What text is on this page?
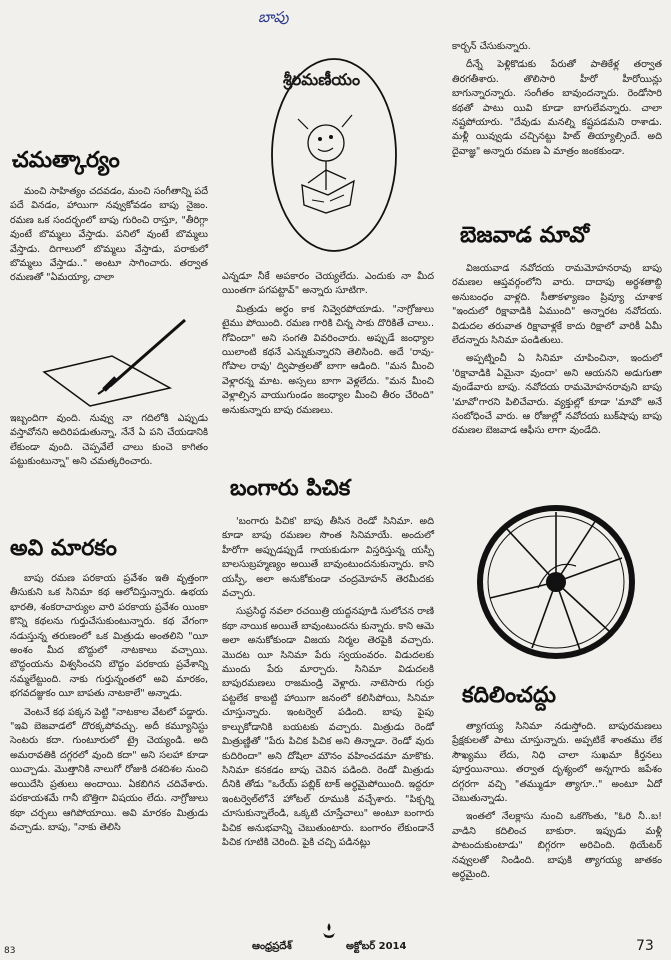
బాపు
శ్రీరమణీయం
చమత్కార్యం

మంచి సాహిత్యం చదవడం, మంచి సంగీతాన్ని పదే పదే వినడం, హాయిగా నవ్వుకోవడం బాపు నైజం. రమణ ఒక సందర్భంలో బాపు గురించి రాస్తూ, "తీరిగ్గా వుంటే బొమ్మలు వేస్తాడు. పనిలో వుంటే బొమ్మలు వేస్తాడు. దిగాలులో బొమ్మలు వేస్తాడు, పరాకులో బొమ్మలు వేస్తాడు.." అంటూ సాగించారు. తర్వాత రమణతో "ఏమయ్యా, చాలా

ఇబ్బందిగా వుంది. నువ్వు నా గదిలోకి ఎప్పుడు వస్తావోనని అదిరిపడుతున్నా, నేనే ఏ పని చేయడానికి లేకుండా వుంది. చెప్పవేలే చాలు కుంచె కాగితం పట్టుకుంటున్నా" అని చమత్కరించారు.

అవి మారకం

బాపు రమణ పరకాయ ప్రవేశం ఇతి వృత్తంగా తీసుకుని ఒక సినిమా కథ ఆలోచిస్తున్నారు. ఉభయ భారతి, శంకరాచార్యుల వారి పరకాయ ప్రవేశం యింకా కొన్ని కథలను గుర్తుచేసుకుంటున్నారు. కథ వేగంగా నడుస్తున్న తరుణంలో ఒక మిత్రుడు అంతలిని "యీ అంశం మీద బొద్దులో నాటకాలు వచ్చాయి. బౌద్ధంయను విశ్వసించని బౌద్ధం పరకాయ ప్రవేశాన్ని నమ్మలేట్టుంది. నాకు గుర్తున్నంతలో అవి మారకం, భగవదజ్జుకం యీ బాపతు నాటకాలే" అన్నాడు.

వెంటనే కథ పక్కన పెట్టి "నాటకాల వేటలో పడ్డారు. "ఇవి బెజవాడలో దొరక్కపోవచ్చు. అదీ కమ్యూనిస్టు సెంటరు కదా. గుంటూరులో ట్రై చెయ్యండి. అది అమరావతికి దగ్గరలో వుంది కదా" అని సలహా కూడా యిచ్చాడు. మొత్తానికి నాలుగో రోజుకి దశదిశల నుంచి అయిదేసి ప్రతులు అందాయి. ఏకబిగిన చదివేశారు. పరకాయశమే గానీ బొత్తిగా విషయం లేదు. నాగ్రోజులు కథా చర్చలు ఆగిపోయాయి. అవి మారకం మిత్రుడు వచ్చాడు. బాపు, "నాకు తెలిసి

ఎన్నడూ నీకే అపకారం చెయ్యలేదు. ఎందుకు నా మీద యింతగా పగపట్టావ్" అన్నారు సూటిగా.

మిత్రుడు అర్ధం కాక నివ్వెరపోయాడు. "నాగ్రోజులు టైము పోయింది. రమణ గారికి చిన్న సాకు దొరికితే చాలు.. గోవిందా" అని సంగతి వివరించారు. అప్పుడే జంధ్యాల యిలాంటి కథనే ఎన్నుకున్నారని తెలిసింది. అదే 'రావు-గోపాల రావు' ద్విపాత్రలతో బాగా ఆడింది. "మన మీంచి వెళ్లారన్న మాట. అస్సలు బాగా వెళ్లలేదు. "మన మీంచి వెళ్లాల్సిన వాయుగుండం జంధ్యాల మీంచి తీరం చేరింది" అనుకున్నారు బాపు రమణలు.

బంగారు పిచిక

'బంగారు పిచిక' బాపు తీసిన రెండో సినిమా. అది కూడా బాపు రమణల సొంత సినిమాయే. అందులో హీరోగా అప్పుడప్పుడే గాయకుడుగా విస్తరిస్తున్న యస్పీ బాలసుబ్రహ్మణ్యం అయితే బావుంటుందనుకున్నారు. కాని యస్పీ, అలా అనుకోకుండా చంద్రమోహన్ తెరమీదకు వచ్చారు.

సుప్రసిద్ధ నవలా రచయిత్రి యద్దనపూడి సులోచన రాణి కథా నాయిక అయితే బావుంటుందను కున్నారు. కాని ఆమె అలా అనుకోకుండా విజయ నిర్మల తెరపైకి వచ్చారు. మొదట యీ సినిమా పేరు స్వయంవరం. విడుదలకు ముందు పేరు మార్చారు. సినిమా విడుదలకి బాపురమణలు రాజమండ్రి వెళ్లారు. నాటెసారు గుర్రు పట్టలేక కాబట్టి హాయిగా జనంలో కలిసిపోయి, సినిమా చూస్తున్నారు. ఇంటర్వెల్ పడింది. బాపు పైపు కాల్చుకోడానికి బయటకు వచ్చారు. మిత్రుడు రెండో మిత్రుణ్ణితో "పేరు పిచిక పిచిక అని తిన్నాడా. రెండో వురు కుదిరిందా" అని దోషిలా మౌనం వహించడమా మాకొకు. సినిమా కనకడం బాపు చెవిన పడింది. రెండో మిత్రుడు దీనికి తోడు "ఒరేయ్ పబ్లిక్ టాక్ అర్ధమైపోయింది. ఇద్దరూ ఇంటర్వెల్‌లోనే హోటల్ రూముకి వచ్చేశారు. "పిక్చర్ని చూసుకున్నాలేండి, ఒక్కటి చూస్తేచాలు" అంటూ బంగారు పిచిక అనుభవాన్ని చెబుతుంటారు. బంగారం లేకుండానే పిచిక గూటికి చెరింది. పైకి చచ్చి పడినట్లు

కార్బన్ చేసుకున్నారు.

దీన్నే పెళ్లికొడుకు పేరుతో పాతికేళ్ల తర్వాత తిరగతీశారు. తొలిసారి హీరో హీరోయిన్లు బాగున్నారన్నారు. సంగీతం బావుందన్నారు. రెండోసారి కథతో పాటు యివి కూడా బాగులేవన్నారు. చాలా నష్టపోయారు. "దేవుడు మనల్ని కష్టపడమని రాశాడు. మళ్లీ యివ్వుడు చచ్చినట్టు హిట్ తియ్యాల్సిందే. అది దైవాజ్ఞ" అన్నారు రమణ ఏ మాత్రం జంకకుండా.

బెజవాడ మావో

విజయవాడ నవోదయ రామమోహనరావు బాపు రమణల ఆప్తవర్గంలోని వారు. దాదాపు అర్థశతాబ్ది అనుబంధం వాళ్లది. సీతాకళ్యాణం ప్రివ్యూ చూశాక "ఇందులో రిక్షావాడికి ఏముంది" అన్నారట నవోదయ. విడుదల తరువాత రిక్షావాళ్లకే కాదు రిక్షాలో వారికీ ఏమీ లేదన్నారు సినిమా పండితులు.

అప్పట్నించీ ఏ సినిమా చూపించినా, ఇందులో 'రిక్షావాడికి ఏమైనా వుందా' అని ఆయనని అడుగుతా వుండేవారు బాపు. నవోదయ రామమోహనరావుని బాపు 'మావో'గారని పిలిచేవారు. వ్యక్తుల్లో కూడా 'మావో' అనే సంబోధించే వారు. ఆ రోజుల్లో నవోదయ బుక్‌షాపు బాపు రమణల బెజవాడ ఆఫీసు లాగా వుండేది.

కదిలించద్దు

త్యాగయ్య సినిమా నడుస్తోంది. బాపురమణలు ప్రేక్షకులతో పాటు చూస్తున్నారు. అప్పటికే శాంతము లేక సౌఖ్యము లేదు, నిధి చాలా సుఖమా కీర్తనలు పూర్తయినాయి. తర్వాత దృశ్యంలో అన్నగారు జపేశం దగ్గరగా వచ్చి "తమ్ముడూ త్యాగూ.." అంటూ ఏదో చెబుతున్నాడు.

ఇంతలో నేలక్లాసు నుంచి ఒకగొంతు, "ఓరి నీ..బ! వాడిని కదిలించ బాకురా. ఇప్పుడు మళ్లీ పాటందుకుంటాడు" బిగ్గరగా అరిచింది. థియేటర్ నవ్వులతో నిండింది. బాపుకి త్యాగయ్య జాతకం అర్థమైంది.

83	ఆంధ్రప్రదేశ్	అక్టోబర్ 2014	73
